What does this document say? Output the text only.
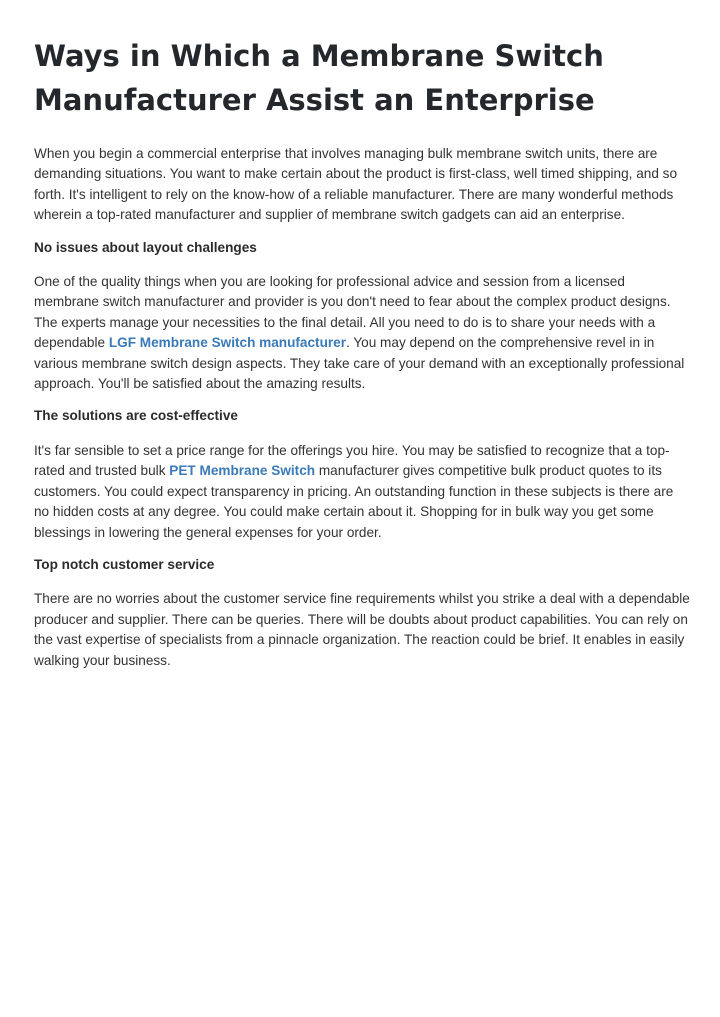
Ways in Which a Membrane Switch Manufacturer Assist an Enterprise

When you begin a commercial enterprise that involves managing bulk membrane switch units, there are demanding situations. You want to make certain about the product is first-class, well timed shipping, and so forth. It's intelligent to rely on the know-how of a reliable manufacturer. There are many wonderful methods wherein a top-rated manufacturer and supplier of membrane switch gadgets can aid an enterprise.

No issues about layout challenges

One of the quality things when you are looking for professional advice and session from a licensed membrane switch manufacturer and provider is you don't need to fear about the complex product designs. The experts manage your necessities to the final detail. All you need to do is to share your needs with a dependable LGF Membrane Switch manufacturer. You may depend on the comprehensive revel in in various membrane switch design aspects. They take care of your demand with an exceptionally professional approach. You'll be satisfied about the amazing results.

The solutions are cost-effective

It's far sensible to set a price range for the offerings you hire. You may be satisfied to recognize that a top-rated and trusted bulk PET Membrane Switch manufacturer gives competitive bulk product quotes to its customers. You could expect transparency in pricing. An outstanding function in these subjects is there are no hidden costs at any degree. You could make certain about it. Shopping for in bulk way you get some blessings in lowering the general expenses for your order.

Top notch customer service

There are no worries about the customer service fine requirements whilst you strike a deal with a dependable producer and supplier. There can be queries. There will be doubts about product capabilities. You can rely on the vast expertise of specialists from a pinnacle organization. The reaction could be brief. It enables in easily walking your business.
